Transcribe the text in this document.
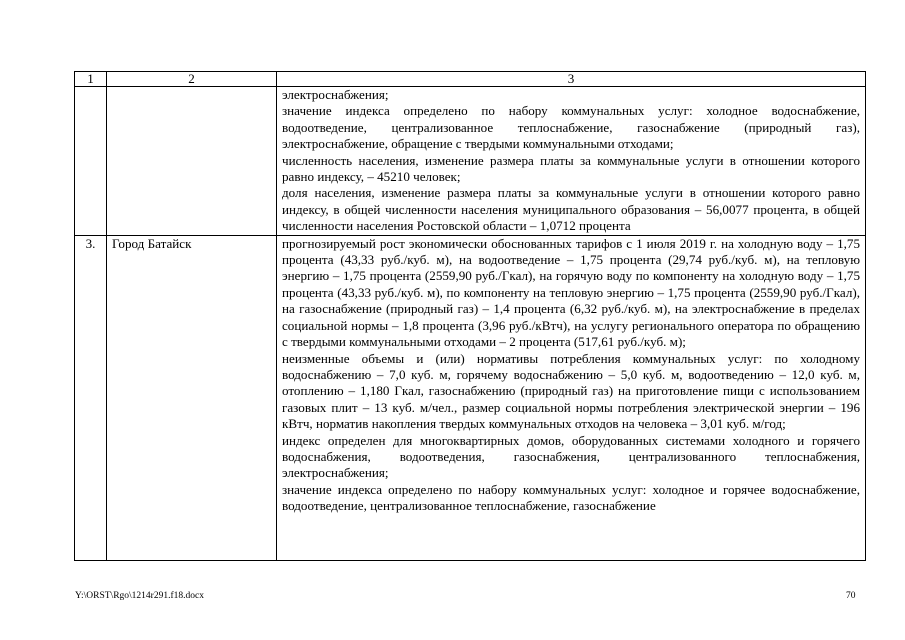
1	2	3

		электроснабжения;

значение индекса определено по набору коммунальных услуг: холодное водоснабжение, водоотведение, централизованное теплоснабжение, газоснабжение (природный газ), электроснабжение, обращение с твердыми коммунальными отходами;

численность населения, изменение размера платы за коммунальные услуги в отношении которого равно индексу, – 45210 человек;

доля населения, изменение размера платы за коммунальные услуги в отношении которого равно индексу, в общей численности населения муниципального образования – 56,0077 процента, в общей численности населения Ростовской области – 1,0712 процента

3.	Город Батайск	прогнозируемый рост экономически обоснованных тарифов с 1 июля 2019 г. на холодную воду – 1,75 процента (43,33 руб./куб. м), на водоотведение – 1,75 процента (29,74 руб./куб. м), на тепловую энергию – 1,75 процента (2559,90 руб./Гкал), на горячую воду по компоненту на холодную воду – 1,75 процента (43,33 руб./куб. м), по компоненту на тепловую энергию – 1,75 процента (2559,90 руб./Гкал), на газоснабжение (природный газ) – 1,4 процента (6,32 руб./куб. м), на электроснабжение в пределах социальной нормы – 1,8 процента (3,96 руб./кВтч), на услугу регионального оператора по обращению с твердыми коммунальными отходами – 2 процента (517,61 руб./куб. м);

неизменные объемы и (или) нормативы потребления коммунальных услуг: по холодному водоснабжению – 7,0 куб. м, горячему водоснабжению – 5,0 куб. м, водоотведению – 12,0 куб. м, отоплению – 1,180 Гкал, газоснабжению (природный газ) на приготовление пищи с использованием газовых плит – 13 куб. м/чел., размер социальной нормы потребления электрической энергии – 196 кВтч, норматив накопления твердых коммунальных отходов на человека – 3,01 куб. м/год;

индекс определен для многоквартирных домов, оборудованных системами холодного и горячего водоснабжения, водоотведения, газоснабжения, централизованного теплоснабжения, электроснабжения;

значение индекса определено по набору коммунальных услуг: холодное и горячее водоснабжение, водоотведение, централизованное теплоснабжение, газоснабжение

Y:\ORST\Rgo\1214r291.f18.docx	70
